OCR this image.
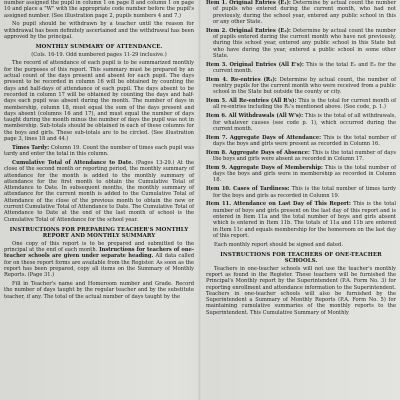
number assigned the pupil in column 1 on page 8 and column 1 on page 10 and place a "W" with the appropriate code number before the pupil's assigned number. (See illustration page 2, pupils numbers 4 and 7.)

No pupil should be withdrawn by a teacher until the reason for withdrawal has been definitely ascertained and the withdrawal has been approved by the principal.

MONTHLY SUMMARY OF ATTENDANCE.

(Cols. 16-19. Odd numbered pages 11-29 inclusive.)

The record of attendance of each pupil is to be summarized monthly for the purposes of this report. This summary must be prepared by an actual count of the days present and absent for each pupil. The days present to be recorded in column 16 will be obtained by counting the days and half-days of attendance of each pupil. The days absent to be recorded in column 17 will be obtained by counting the days and half-days each pupil was absent during the month. The number of days in membership, column 18, must equal the sum of the days present and days absent (columns 16 and 17), and must equal the number of days taught during the month minus the number of days the pupil was not in membership. Sub-totals should be obtained in each of these columns for the boys and girls. These sub-totals are to be circled. (See illustration page 3, lines 18 and 44.)

Times Tardy: Column 19. Count the number of times each pupil was tardy and enter the total in this column.

Cumulative Total of Attendance to Date. (Pages 13-29.) At the close of the second month or reporting period, the monthly summary of attendance for the month is added to the monthly summary of attendance for the first month to obtain the Cumulative Total of Attendance to Date. In subsequent months, the monthly summary of attendance for the current month is added to the Cumulative Total of Attendance of the close of the previous month to obtain the new or current Cumulative Total of Attendance to Date. The Cumulative Total of Attendance to Date at the end of the last month of school is the Cumulative Total of Attendance for the school year.

INSTRUCTIONS FOR PREPARING TEACHER'S MONTHLY REPORT AND MONTHLY SUMMARY

One copy of this report is to be prepared and submitted to the principal at the end of each month. Instructions for teachers of one-teacher schools are given under separate heading. All data called for on these report forms are available from the Register. As soon as the report has been prepared, copy all items on the Summary of Monthly Reports. (Page 31.)

Fill in Teacher's name and Homeroom number and Grade. Record the number of days taught by the regular teacher and by the substitute teacher, if any. The total of the actual number of days taught by the

Item 1. Original Entries (E₁): Determine by actual count the number of pupils who entered during the current month, who had not previously, during the school year, entered any public school in this or any other State.

Item 2. Original Entries (E₂): Determine by actual count the number of pupils entered during the current month who have not previously, during this school year, entered any public school in this State but who have during the year, entered a public school in some other State.

Item 3. Original Entries (All E's): This is the total E₁ and E₂ for the current month.

Item 4. Re-entries (R₁): Determine by actual count, the number of reentry pupils for the current month who were received from a public school in the State but outside the county or city.

Item 5. All Re-entries (All R's): This is the total for current month of all re-entries including the R₁'s mentioned above. (See code, p. 1.)

Item 6. All Withdrawals (All W's): This is the total of all withdrawals, for whatever causes (see code p. 1), which occurred during the current month.

Item 7. Aggregate Days of Attendance: This is the total number of days the boys and girls were present as recorded in Column 16.

Item 8. Aggregate Days of Absence: This is the total number of days the boys and girls were absent as recorded in Column 17.

Item 9. Aggregate Days of Membership: This is the total number of days the boys and girls were in membership as recorded in Column 18.

Item 10. Cases of Tardiness: This is the total number of times tardy for the boys and girls as recorded in Column 19.

Item 11. Attendance on Last Day of This Report: This is the total number of boys and girls present on the last day of this report and is entered in Item 11a and the total number of boys and girls absent which is entered in Item 11b. The totals of 11a and 11b are entered in Item 11c and equals membership for the homeroom on the last day of this report.

Each monthly report should be signed and dated.

INSTRUCTIONS FOR TEACHERS OF ONE-TEACHER SCHOOLS.

Teachers in one-teacher schools will not use the teacher's monthly report as found in the Register. These teachers will be furnished the Principal's Monthly report by the Superintendent (P.A. Form No. 3) for reporting enrollment and attendance information to the Superintendent. Teachers in one-teacher schools will also be furnished by the Superintendent a Summary of Monthly Reports (P.A. Form No. 5) for maintaining cumulative summaries of the monthly reports to the Superintendent. This Cumulative Summary of Monthly
